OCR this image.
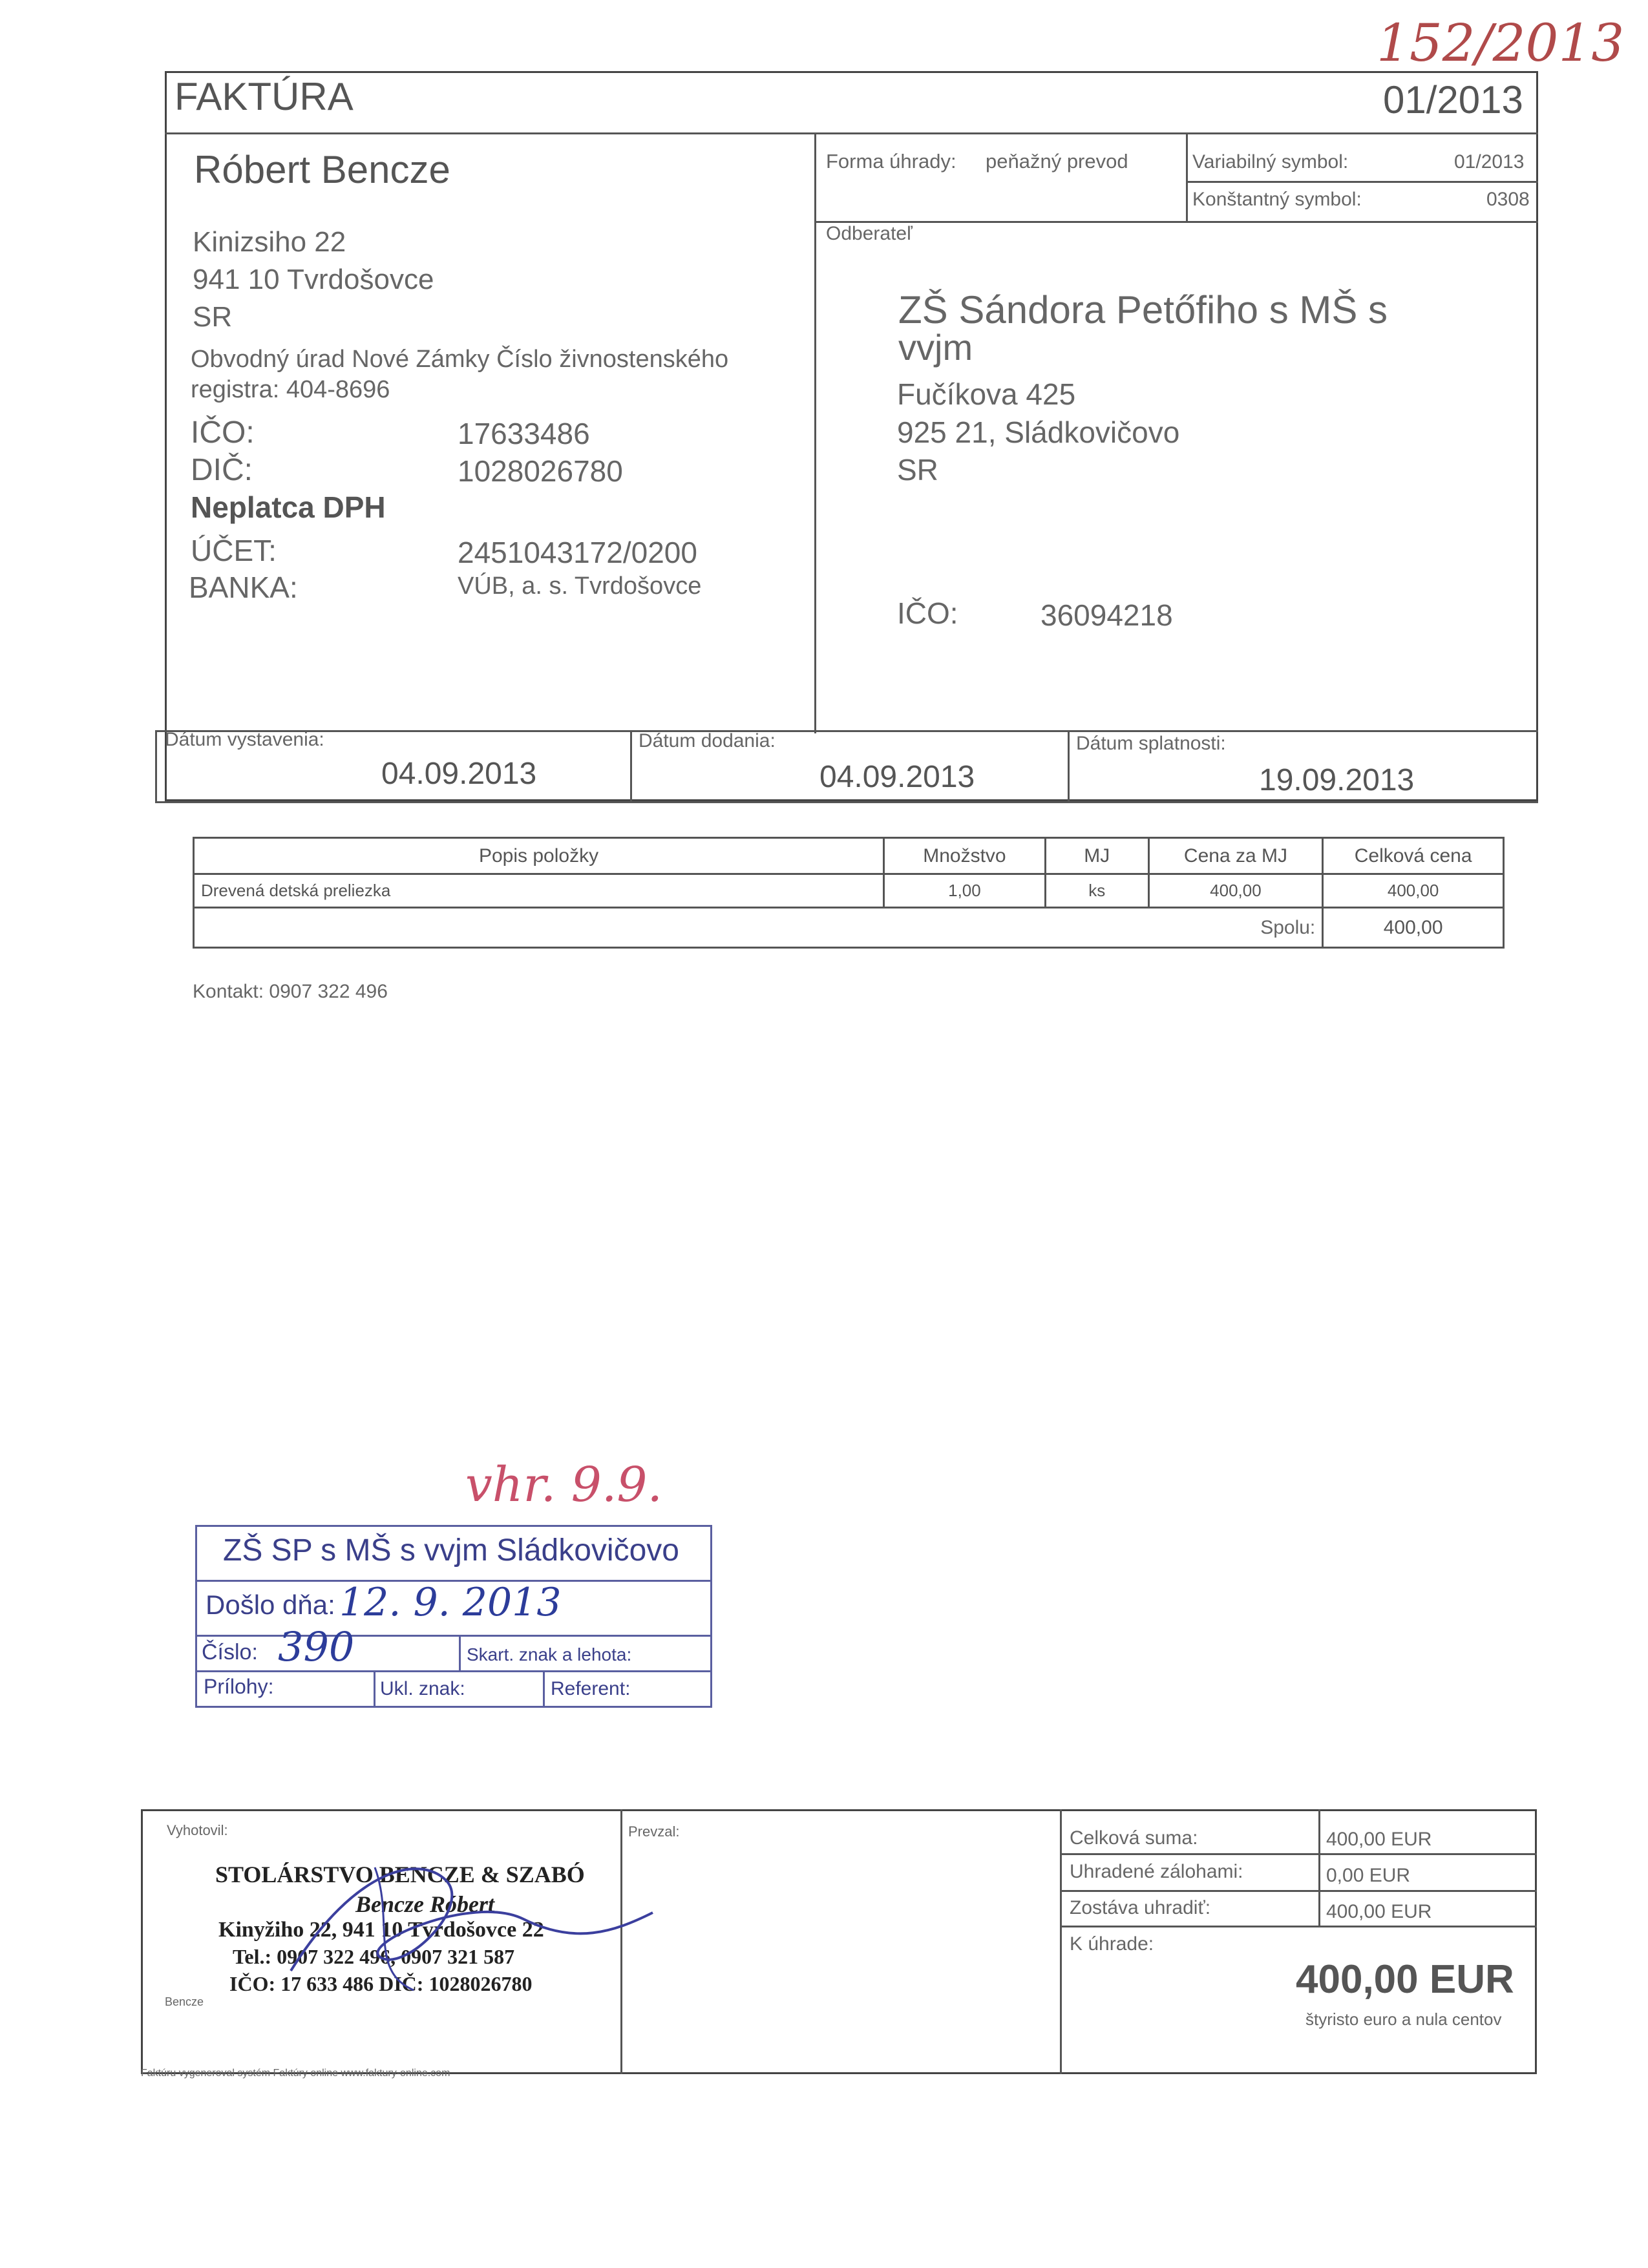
152/2013
FAKTÚRA	01/2013
Róbert Bencze
Kinizsiho 22
941 10 Tvrdošovce
SR
Obvodný úrad Nové Zámky Číslo živnostenského
registra: 404-8696
IČO:	17633486
DIČ:	1028026780
Neplatca DPH
ÚČET:	2451043172/0200
BANKA:	VÚB, a. s. Tvrdošovce
Forma úhrady: peňažný prevod	Variabilný symbol:	01/2013
Konštantný symbol:	0308
Odberateľ
ZŠ Sándora Petőfiho s MŠ s
vvjm
Fučíkova 425
925 21, Sládkovičovo
SR
IČO:	36094218
Dátum vystavenia:
04.09.2013
Dátum dodania:
04.09.2013
Dátum splatnosti:
19.09.2013
Popis položky	Množstvo	MJ	Cena za MJ	Celková cena
Drevená detská preliezka	1,00	ks	400,00	400,00
Spolu:				400,00
Kontakt: 0907 322 496
vhr. 9.9.
ZŠ SP s MŠ s vvjm Sládkovičovo
Došlo dňa: 12. 9. 2013
Číslo: 390	Skart. znak a lehota:
Prílohy:	Ukl. znak:	Referent:
Vyhotovil:	Prevzal:
STOLÁRSTVO BENCZE & SZABÓ
Bencze Róbert
Kinyžiho 22, 941 10 Tvrdošovce 22
Tel.: 0907 322 496, 0907 321 587
IČO: 17 633 486 DIČ: 1028026780
Bencze
Celková suma:	400,00 EUR
Uhradené zálohami:	0,00 EUR
Zostáva uhradiť:	400,00 EUR
K úhrade:
400,00 EUR
štyristo euro a nula centov
Faktúru vygeneroval systém Faktúry online www.faktury-online.com
